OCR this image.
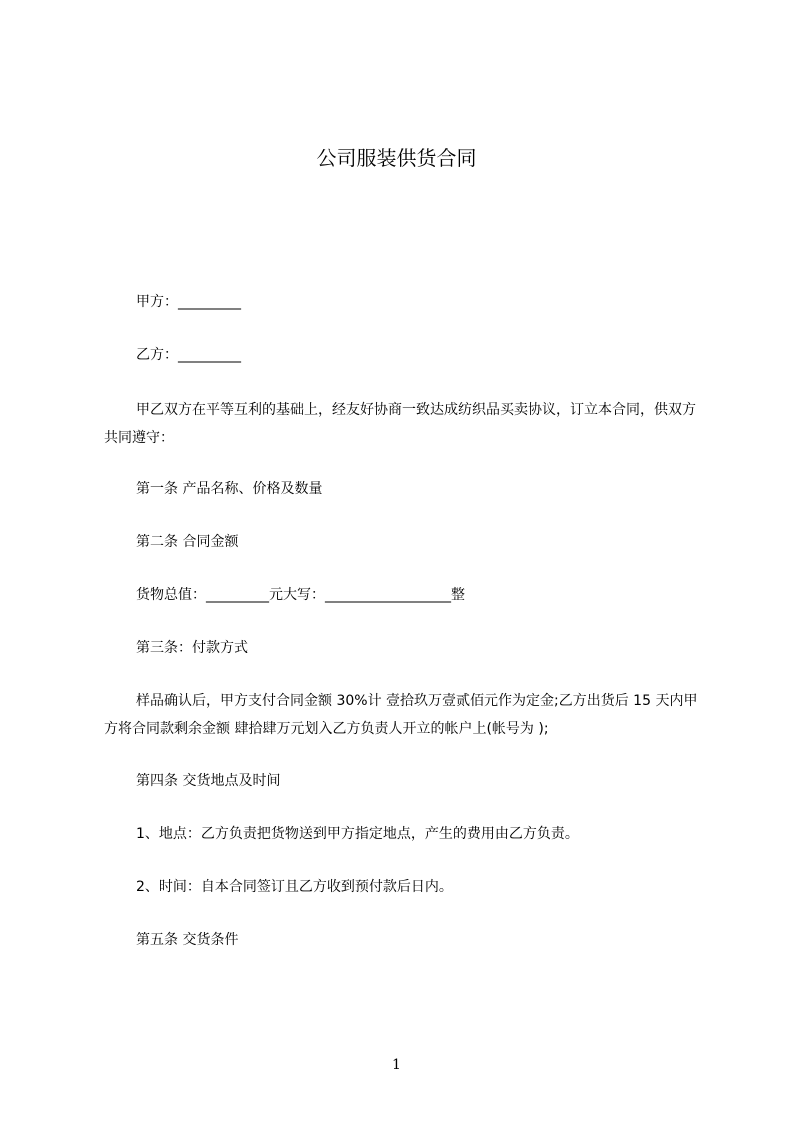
公司服装供货合同
甲方：_________
乙方：_________
甲乙双方在平等互利的基础上，经友好协商一致达成纺织品买卖协议，订立本合同，供双方共同遵守：
第一条 产品名称、价格及数量
第二条 合同金额
货物总值：_________元大写：__________________整
第三条：付款方式
样品确认后，甲方支付合同金额 30%计 壹拾玖万壹贰佰元作为定金;乙方出货后 15 天内甲方将合同款剩余金额 肆拾肆万元划入乙方负责人开立的帐户上(帐号为 );
第四条 交货地点及时间
1、地点：乙方负责把货物送到甲方指定地点，产生的费用由乙方负责。
2、时间：自本合同签订且乙方收到预付款后日内。
第五条 交货条件
1
